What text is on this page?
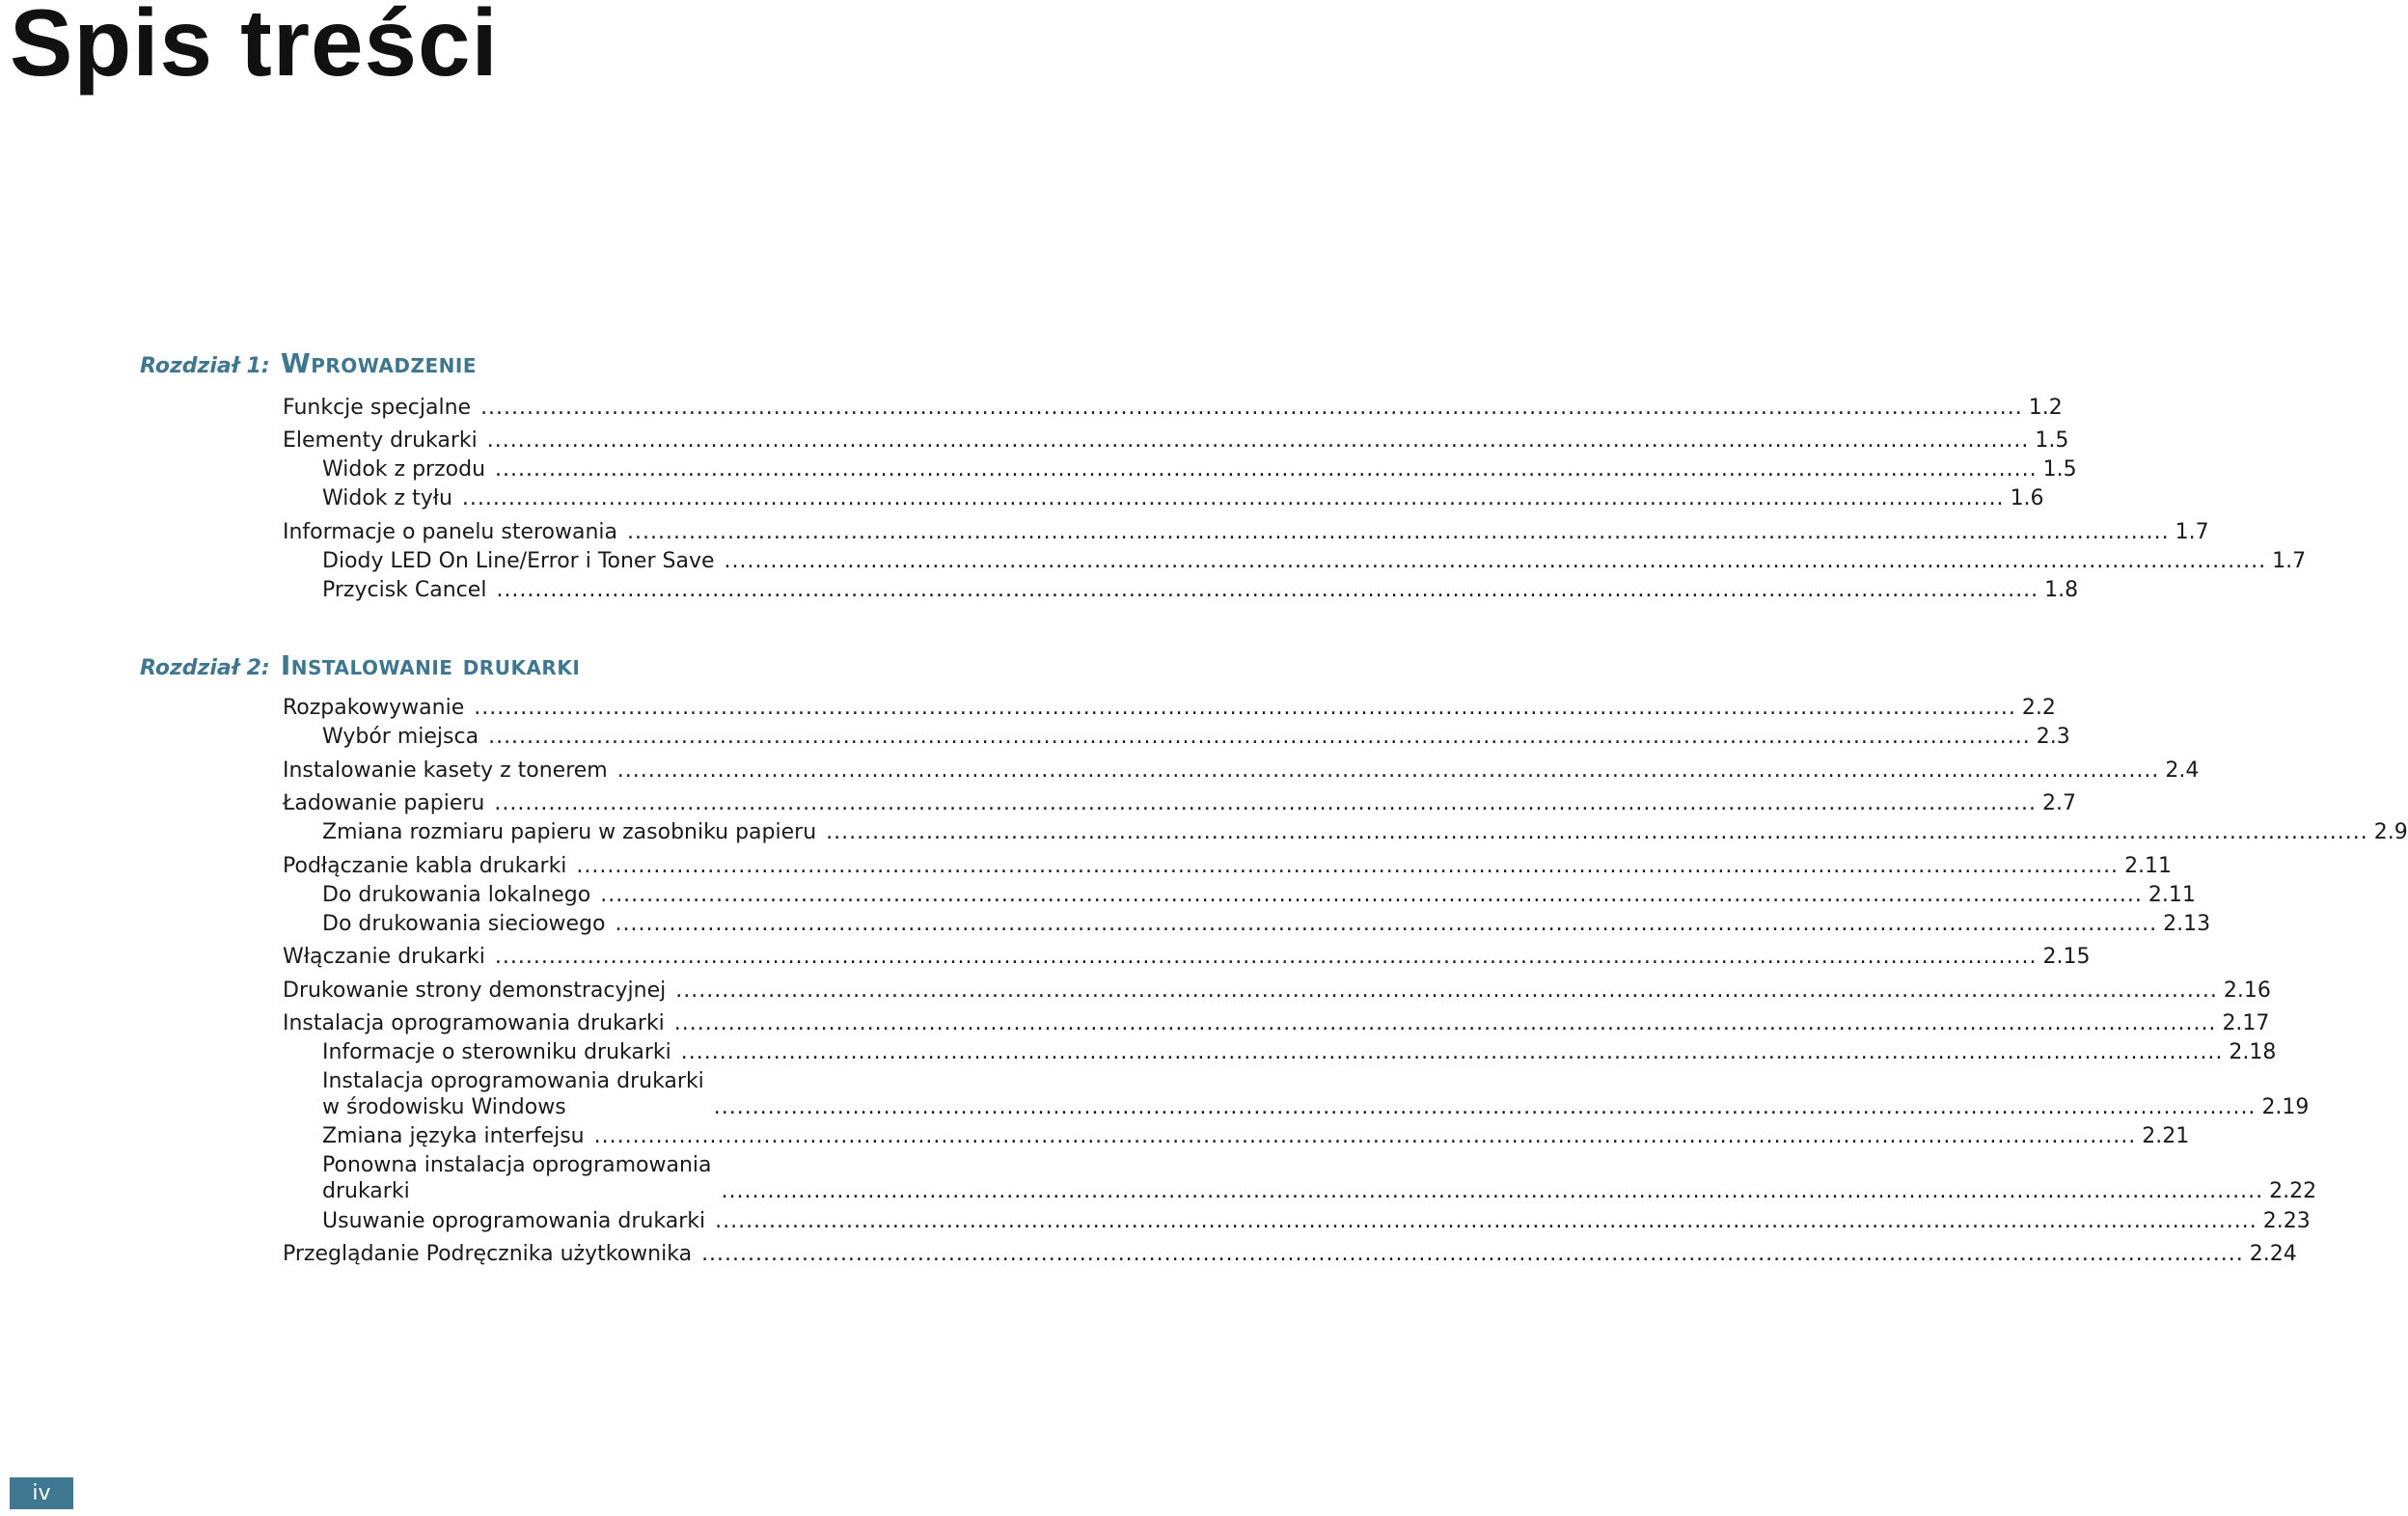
Spis treści
Rozdział 1: Wprowadzenie
Rozdział 2: Instalowanie drukarki
Funkcje specjalne ........................................................................................................................................................................................................ 1.2
Elementy drukarki ........................................................................................................................................................................................................ 1.5
Widok z przodu ........................................................................................................................................................................................................ 1.5
Widok z tyłu ........................................................................................................................................................................................................ 1.6
Informacje o panelu sterowania ........................................................................................................................................................................................................ 1.7
Diody LED On Line/Error i Toner Save ........................................................................................................................................................................................................ 1.7
Przycisk Cancel ........................................................................................................................................................................................................ 1.8
Rozpakowywanie ........................................................................................................................................................................................................ 2.2
Wybór miejsca ........................................................................................................................................................................................................ 2.3
Instalowanie kasety z tonerem ........................................................................................................................................................................................................ 2.4
Ładowanie papieru ........................................................................................................................................................................................................ 2.7
Zmiana rozmiaru papieru w zasobniku papieru ........................................................................................................................................................................................................ 2.9
Podłączanie kabla drukarki ........................................................................................................................................................................................................ 2.11
Do drukowania lokalnego ........................................................................................................................................................................................................ 2.11
Do drukowania sieciowego ........................................................................................................................................................................................................ 2.13
Włączanie drukarki ........................................................................................................................................................................................................ 2.15
Drukowanie strony demonstracyjnej ........................................................................................................................................................................................................ 2.16
Instalacja oprogramowania drukarki ........................................................................................................................................................................................................ 2.17
Informacje o sterowniku drukarki ........................................................................................................................................................................................................ 2.18
Instalacja oprogramowania drukarki
w środowisku Windows	........................................................................................................................................................................................................ 2.19
Zmiana języka interfejsu ........................................................................................................................................................................................................ 2.21
Ponowna instalacja oprogramowania
drukarki	........................................................................................................................................................................................................ 2.22
Usuwanie oprogramowania drukarki ........................................................................................................................................................................................................ 2.23
Przeglądanie Podręcznika użytkownika ........................................................................................................................................................................................................ 2.24
iv
